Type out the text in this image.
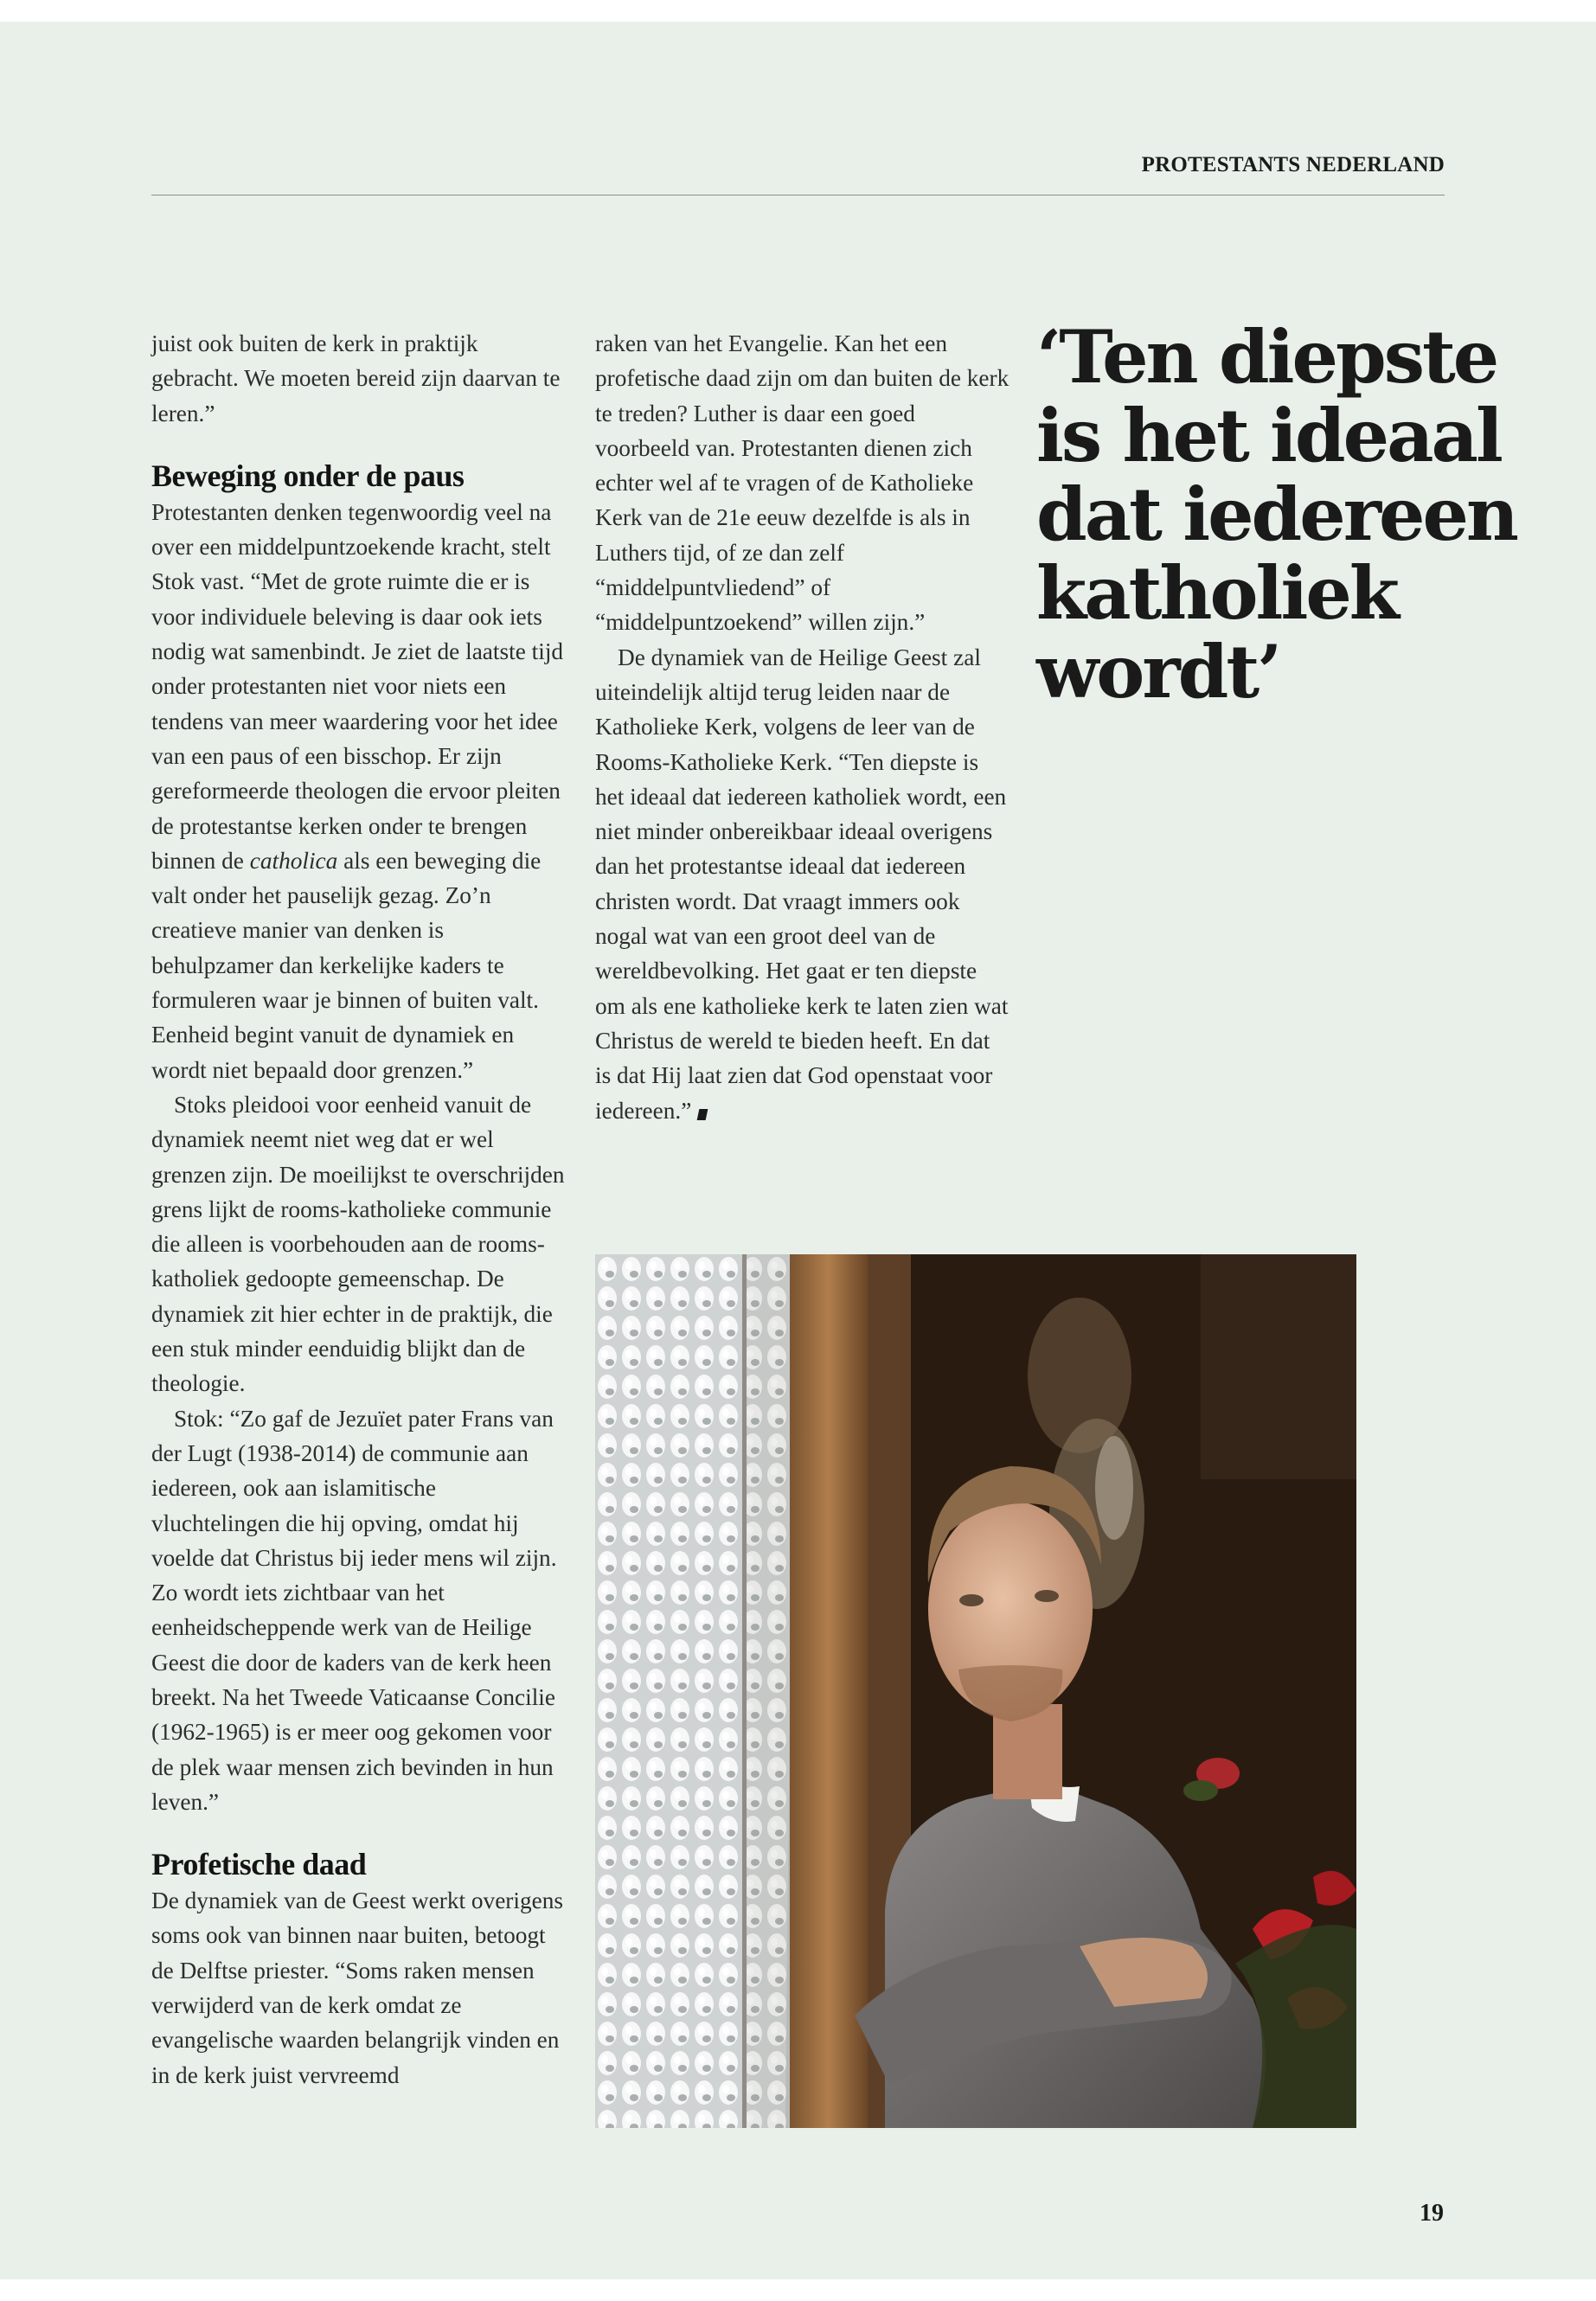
PROTESTANTS NEDERLAND

juist ook buiten de kerk in praktijk gebracht. We moeten bereid zijn daarvan te leren.”

Beweging onder de paus

Protestanten denken tegenwoordig veel na over een middelpuntzoekende kracht, stelt Stok vast. “Met de grote ruimte die er is voor individuele beleving is daar ook iets nodig wat samenbindt. Je ziet de laatste tijd onder protestanten niet voor niets een tendens van meer waardering voor het idee van een paus of een bisschop. Er zijn gereformeerde theologen die ervoor pleiten de protestantse kerken onder te brengen binnen de catholica als een beweging die valt onder het pauselijk gezag. Zo’n creatieve manier van denken is behulpzamer dan kerkelijke kaders te formuleren waar je binnen of buiten valt. Eenheid begint vanuit de dynamiek en wordt niet bepaald door grenzen.”

Stoks pleidooi voor eenheid vanuit de dynamiek neemt niet weg dat er wel grenzen zijn. De moeilijkst te overschrijden grens lijkt de rooms-katholieke communie die alleen is voorbehouden aan de rooms-katholiek gedoopte gemeenschap. De dynamiek zit hier echter in de praktijk, die een stuk minder eenduidig blijkt dan de theologie.

Stok: “Zo gaf de Jezuïet pater Frans van der Lugt (1938-2014) de communie aan iedereen, ook aan islamitische vluchtelingen die hij opving, omdat hij voelde dat Christus bij ieder mens wil zijn. Zo wordt iets zichtbaar van het eenheidscheppende werk van de Heilige Geest die door de kaders van de kerk heen breekt. Na het Tweede Vaticaanse Concilie (1962-1965) is er meer oog gekomen voor de plek waar mensen zich bevinden in hun leven.”

Profetische daad

De dynamiek van de Geest werkt overigens soms ook van binnen naar buiten, betoogt de Delftse priester. “Soms raken mensen verwijderd van de kerk omdat ze evangelische waarden belangrijk vinden en in de kerk juist vervreemd

raken van het Evangelie. Kan het een profetische daad zijn om dan buiten de kerk te treden? Luther is daar een goed voorbeeld van. Protestanten dienen zich echter wel af te vragen of de Katholieke Kerk van de 21e eeuw dezelfde is als in Luthers tijd, of ze dan zelf “middelpuntvliedend” of “middelpuntzoekend” willen zijn.”

De dynamiek van de Heilige Geest zal uiteindelijk altijd terug leiden naar de Katholieke Kerk, volgens de leer van de Rooms-Katholieke Kerk. “Ten diepste is het ideaal dat iedereen katholiek wordt, een niet minder onbereikbaar ideaal overigens dan het protestantse ideaal dat iedereen christen wordt. Dat vraagt immers ook nogal wat van een groot deel van de wereldbevolking. Het gaat er ten diepste om als ene katholieke kerk te laten zien wat Christus de wereld te bieden heeft. En dat is dat Hij laat zien dat God openstaat voor iedereen.”

‘Ten diepste
is het ideaal
dat iedereen
katholiek
wordt’
19
